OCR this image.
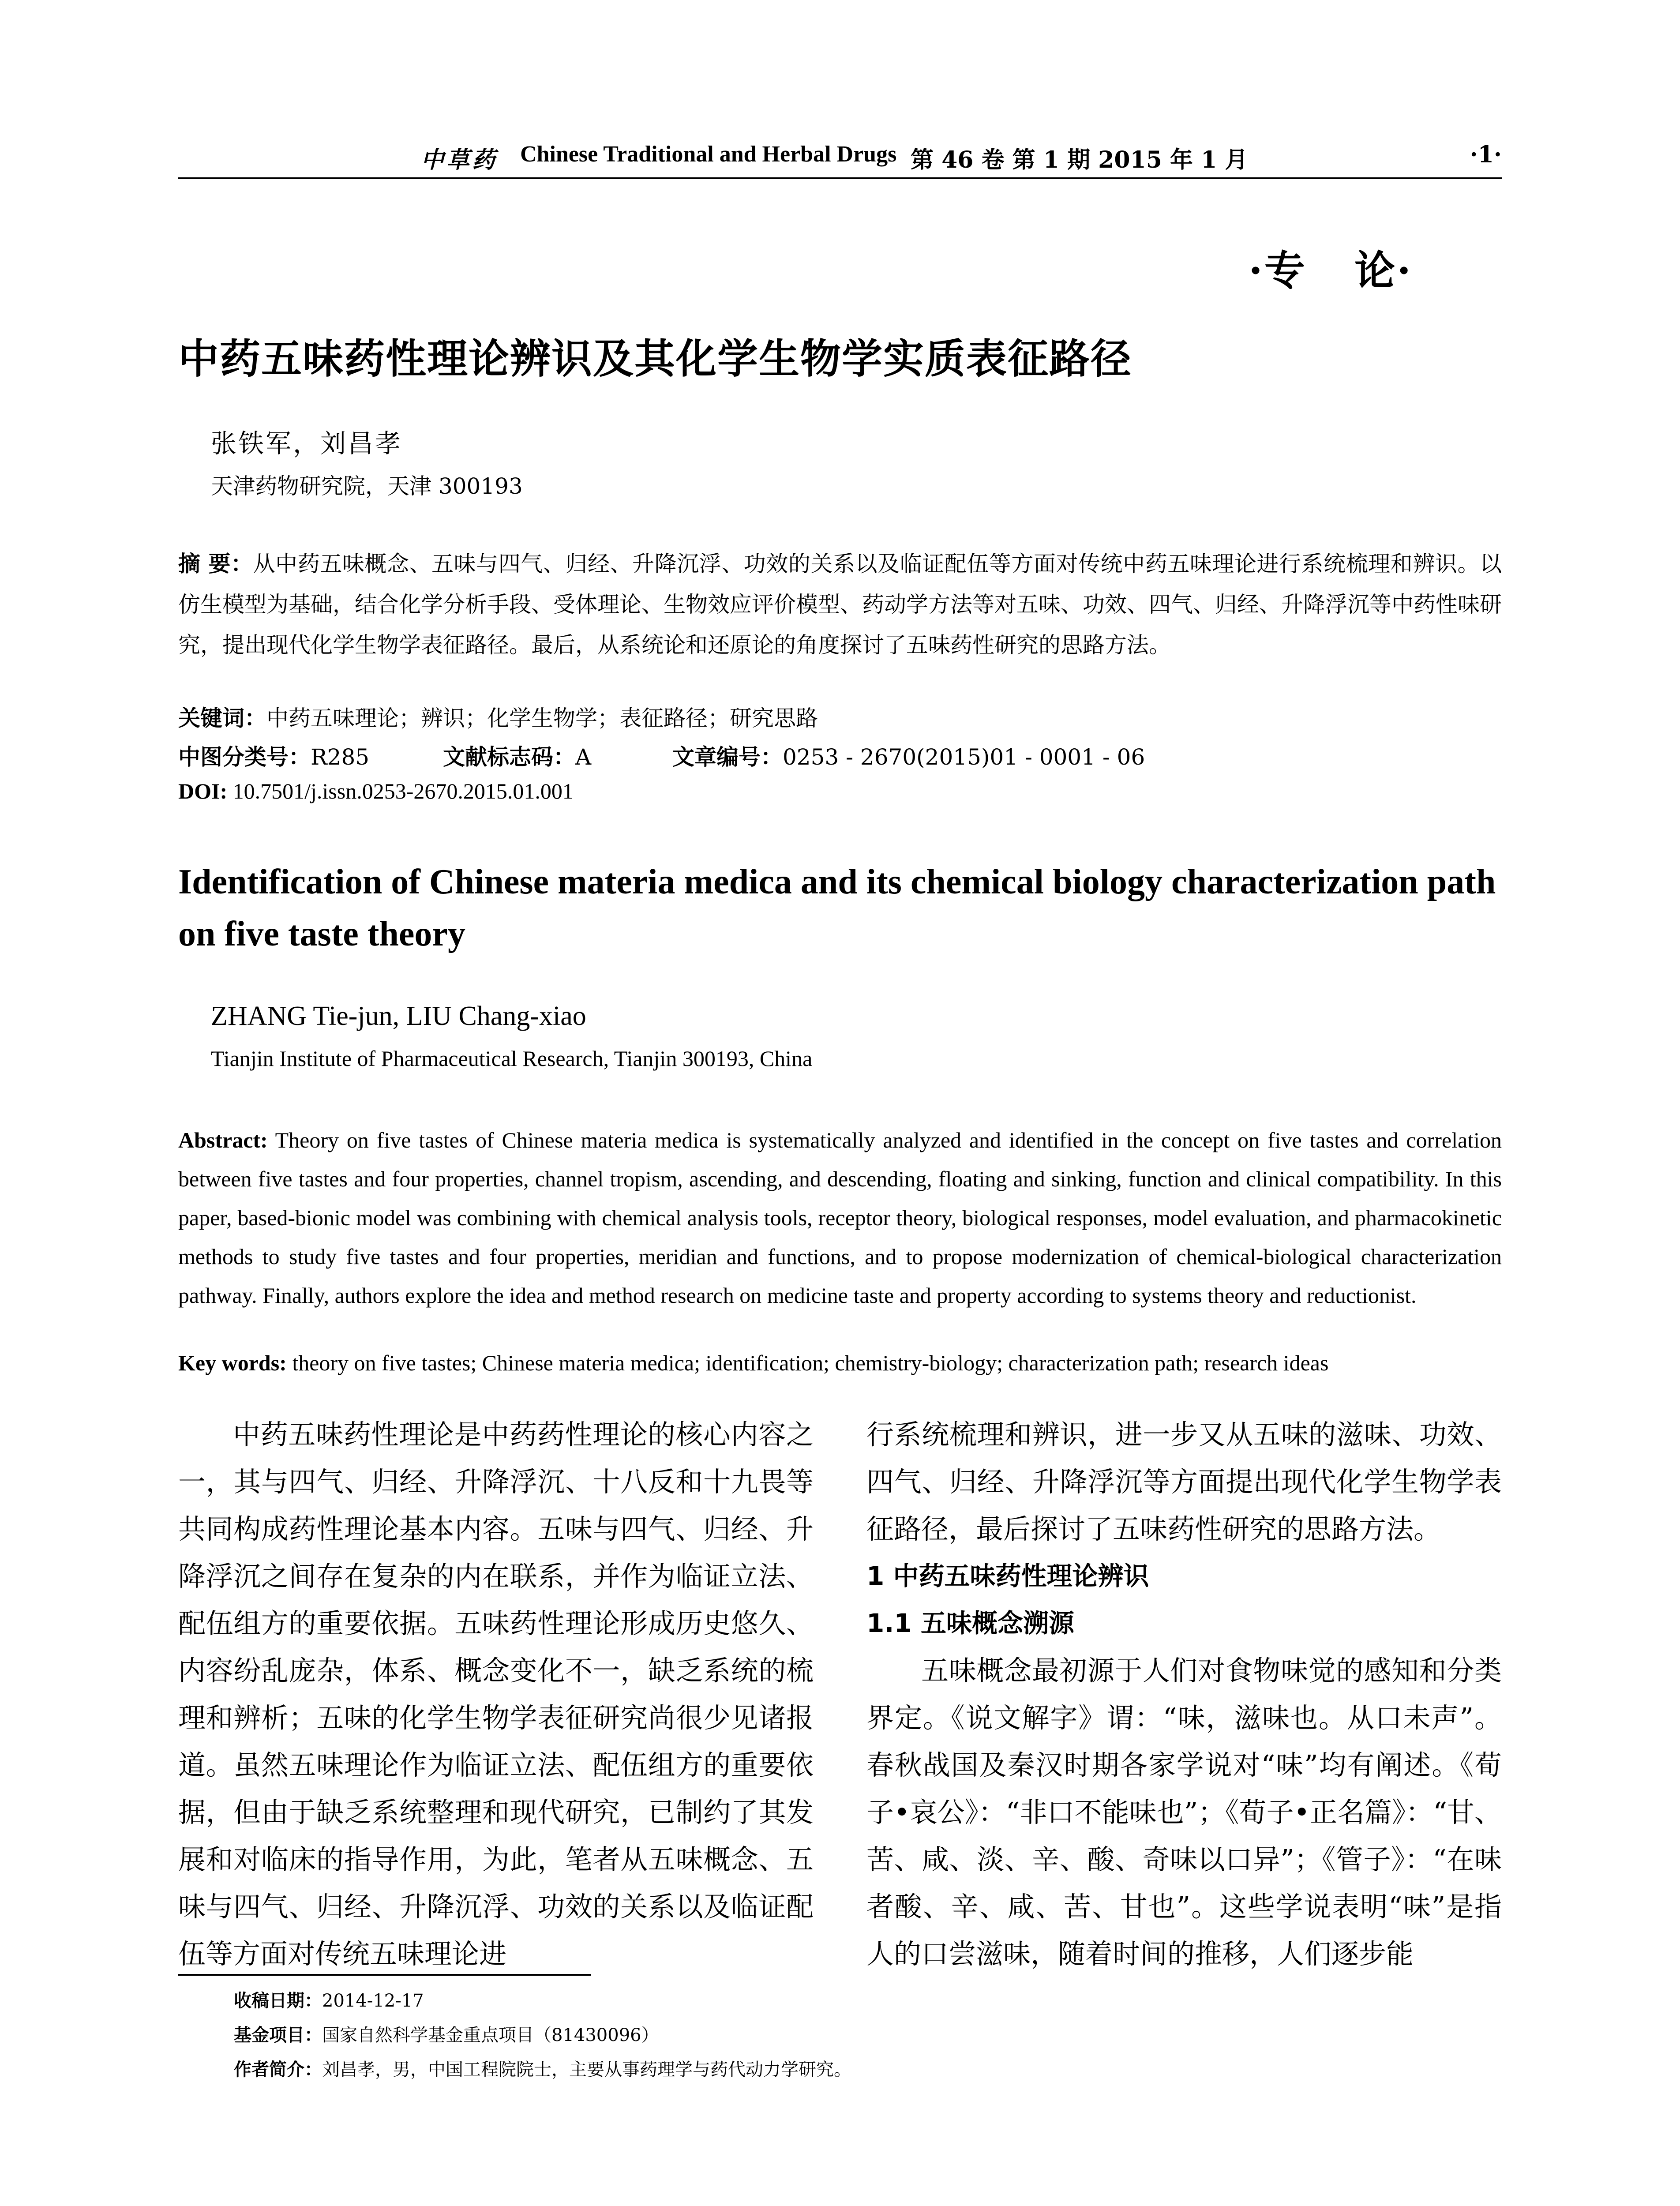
中草药 Chinese Traditional and Herbal Drugs 第 46 卷 第 1 期 2015 年 1 月	·1·
·专   论·
中药五味药性理论辨识及其化学生物学实质表征路径
张铁军，刘昌孝
天津药物研究院，天津 300193
摘 要：从中药五味概念、五味与四气、归经、升降沉浮、功效的关系以及临证配伍等方面对传统中药五味理论进行系统梳理和辨识。以仿生模型为基础，结合化学分析手段、受体理论、生物效应评价模型、药动学方法等对五味、功效、四气、归经、升降浮沉等中药性味研究，提出现代化学生物学表征路径。最后，从系统论和还原论的角度探讨了五味药性研究的思路方法。
关键词：中药五味理论；辨识；化学生物学；表征路径；研究思路
中图分类号：R285	文献标志码：A	文章编号：0253 - 2670(2015)01 - 0001 - 06
DOI: 10.7501/j.issn.0253-2670.2015.01.001
Identification of Chinese materia medica and its chemical biology characterization path on five taste theory
ZHANG Tie-jun, LIU Chang-xiao
Tianjin Institute of Pharmaceutical Research, Tianjin 300193, China
Abstract: Theory on five tastes of Chinese materia medica is systematically analyzed and identified in the concept on five tastes and correlation between five tastes and four properties, channel tropism, ascending, and descending, floating and sinking, function and clinical compatibility. In this paper, based-bionic model was combining with chemical analysis tools, receptor theory, biological responses, model evaluation, and pharmacokinetic methods to study five tastes and four properties, meridian and functions, and to propose modernization of chemical-biological characterization pathway. Finally, authors explore the idea and method research on medicine taste and property according to systems theory and reductionist.
Key words: theory on five tastes; Chinese materia medica; identification; chemistry-biology; characterization path; research ideas

中药五味药性理论是中药药性理论的核心内容之一，其与四气、归经、升降浮沉、十八反和十九畏等共同构成药性理论基本内容。五味与四气、归经、升降浮沉之间存在复杂的内在联系，并作为临证立法、配伍组方的重要依据。五味药性理论形成历史悠久、内容纷乱庞杂，体系、概念变化不一，缺乏系统的梳理和辨析；五味的化学生物学表征研究尚很少见诸报道。虽然五味理论作为临证立法、配伍组方的重要依据，但由于缺乏系统整理和现代研究，已制约了其发展和对临床的指导作用，为此，笔者从五味概念、五味与四气、归经、升降沉浮、功效的关系以及临证配伍等方面对传统五味理论进

行系统梳理和辨识，进一步又从五味的滋味、功效、四气、归经、升降浮沉等方面提出现代化学生物学表征路径，最后探讨了五味药性研究的思路方法。

1 中药五味药性理论辨识
1.1 五味概念溯源

五味概念最初源于人们对食物味觉的感知和分类界定。《说文解字》谓：“味，滋味也。从口未声”。春秋战国及秦汉时期各家学说对“味”均有阐述。《荀子•哀公》：“非口不能味也”；《荀子•正名篇》：“甘、苦、咸、淡、辛、酸、奇味以口异”；《管子》：“在味者酸、辛、咸、苦、甘也”。这些学说表明“味”是指人的口尝滋味，随着时间的推移，人们逐步能

收稿日期：2014-12-17
基金项目：国家自然科学基金重点项目（81430096）
作者简介：刘昌孝，男，中国工程院院士，主要从事药理学与药代动力学研究。
